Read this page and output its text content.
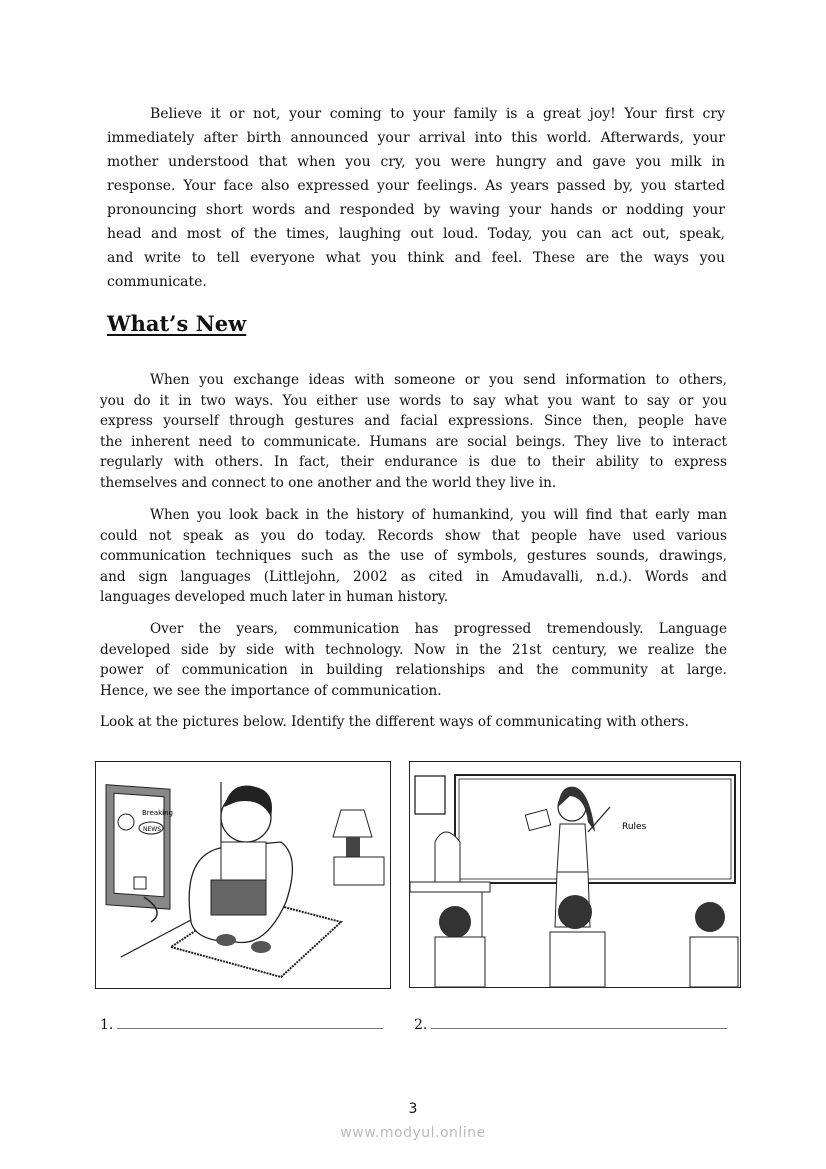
Believe it or not, your coming to your family is a great joy! Your first cry
immediately after birth announced your arrival into this world. Afterwards, your
mother understood that when you cry, you were hungry and gave you milk in
response. Your face also expressed your feelings. As years passed by, you started
pronouncing short words and responded by waving your hands or nodding your
head and most of the times, laughing out loud. Today, you can act out, speak,
and write to tell everyone what you think and feel. These are the ways you
communicate.
What’s New
When you exchange ideas with someone or you send information to others,
you do it in two ways. You either use words to say what you want to say or you
express yourself through gestures and facial expressions. Since then, people have
the inherent need to communicate. Humans are social beings. They live to interact
regularly with others. In fact, their endurance is due to their ability to express
themselves and connect to one another and the world they live in.
When you look back in the history of humankind, you will find that early man
could not speak as you do today. Records show that people have used various
communication techniques such as the use of symbols, gestures sounds, drawings,
and sign languages (Littlejohn, 2002 as cited in Amudavalli, n.d.). Words and
languages developed much later in human history.
Over the years, communication has progressed tremendously. Language
developed side by side with technology. Now in the 21st century, we realize the
power of communication in building relationships and the community at large.
Hence, we see the importance of communication.
Look at the pictures below. Identify the different ways of communicating with others.
Breaking
NEWS	Rules
1.	2.
3
www.modyul.online
